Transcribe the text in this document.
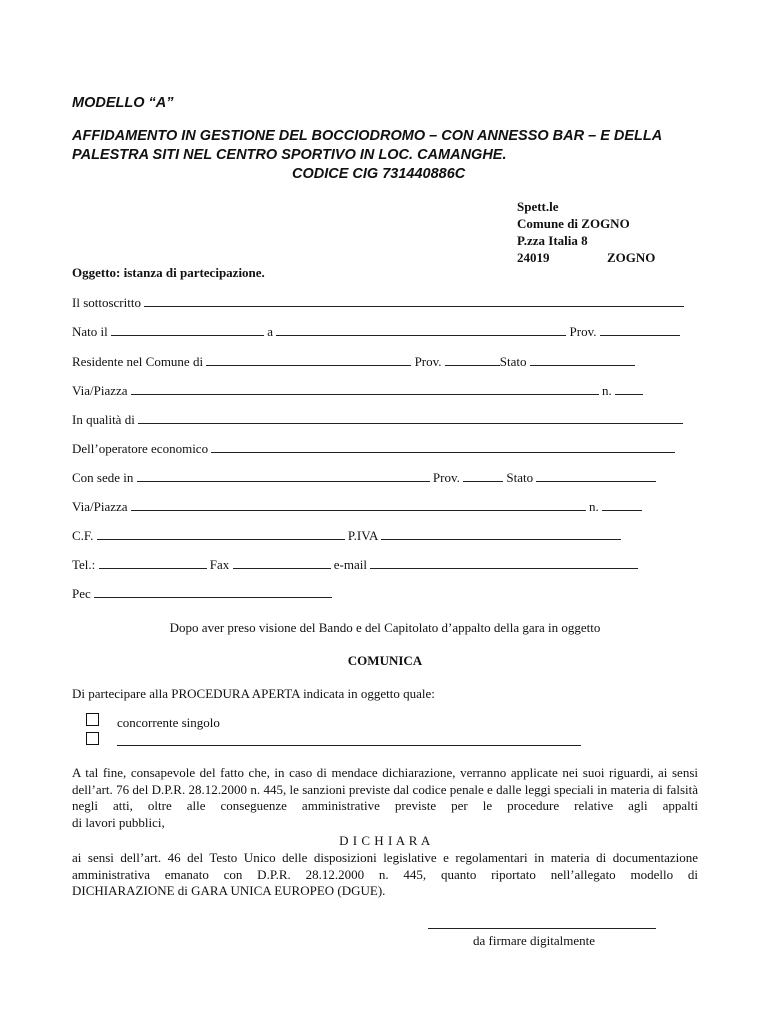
MODELLO “A”
AFFIDAMENTO IN GESTIONE DEL BOCCIODROMO – CON ANNESSO BAR – E DELLA
PALESTRA SITI NEL CENTRO SPORTIVO IN LOC. CAMANGHE.
CODICE CIG 731440886C
Spett.le
Comune di ZOGNO
P.zza Italia 8
24019	ZOGNO
Oggetto: istanza di partecipazione.
Il sottoscritto
Nato il	a	Prov.
Residente nel Comune di	Prov.	Stato
Via/Piazza	n.
In qualità di
Dell’operatore economico
Con sede in	Prov.	Stato
Via/Piazza	n.
C.F.	P.IVA
Tel.:	Fax	e-mail
Pec
Dopo aver preso visione del Bando e del Capitolato d’appalto della gara in oggetto
COMUNICA
Di partecipare alla PROCEDURA APERTA indicata in oggetto quale:
concorrente singolo
A tal fine, consapevole del fatto che, in caso di mendace dichiarazione, verranno applicate nei suoi riguardi, ai sensi dell’art. 76 del D.P.R. 28.12.2000 n. 445, le sanzioni previste dal codice penale e dalle leggi speciali in materia di falsità negli atti, oltre alle conseguenze amministrative previste per le procedure relative agli appalti
di lavori pubblici,
D I C H I A R A
ai sensi dell’art. 46 del Testo Unico delle disposizioni legislative e regolamentari in materia di documentazione amministrativa emanato con D.P.R. 28.12.2000 n. 445, quanto riportato nell’allegato modello di
DICHIARAZIONE di GARA UNICA EUROPEO (DGUE).
da firmare digitalmente
